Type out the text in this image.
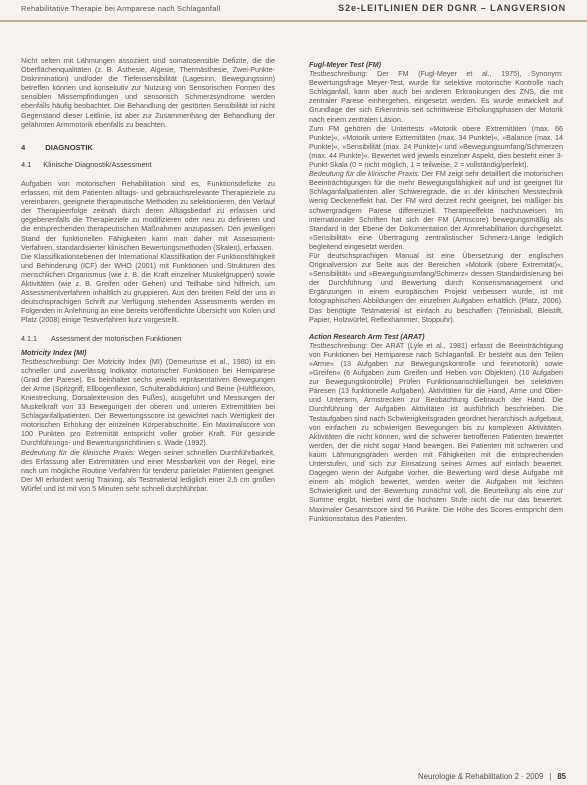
Rehabilitative Therapie bei Armparese nach Schlaganfall	S2e-LEITLINIEN DER DGNR – LANGVERSION

Nicht selten mit Lähmungen assoziiert sind somatosensible Defizite, die die Oberflächenqualitäten (z. B. Ästhesie, Algesie, Thermästhesie, Zwei-Punkte-Diskrimination) und/oder die Tiefensensibilität (Lagesinn, Bewegungssinn) betreffen können und konsekutiv zur Nutzung von Sensorischen Formen des sensiblen Missempfindungen und sensorisch Schmerzsyndrome werden ebenfalls häufig beobachtet. Die Behandlung der gestörten Sensibilität ist nicht Gegenstand dieser Leitlinie, ist aber zur Zusammenhang der Behandlung der gelähmten Armmotorik ebenfalls zu beachten.

4	DIAGNOSTIK
4.1 Klinische Diagnostik/Assessment

Aufgaben von motorischen Rehabilitation sind es, Funktionsdefizite zu erfassen, mit dem Patienten alltags- und gebrauchsrelevante Therapieziele zu vereinbaren, geeignete therapeutische Methoden zu selektionieren, den Verlauf der Therapieerfolge zeitnah durch deren Alltagsbedarf zu erfassen und gegebenenfalls die Therapieziele zu modifizieren oder neu zu definieren und die entsprechenden therapeutischen Maßnahmen anzupassen. Den jeweiligen Stand der funktionellen Fähigkeiten kann man daher mit Assessment-Verfahren, standardisierter klinischen Bewertungsmethoden (Skalen), erfassen.

Die Klassifikationsebenen der International Klassifikation der Funktionsfähigkeit und Behinderung (ICF) der WHO (2001) mit Funktionen und Strukturen des menschlichen Organismus (wie z. B. die Kraft einzelner Muskelgruppen) sowie Aktivitäten (wie z. B. Greifen oder Gehen) und Teilhabe sind hilfreich, um Assessmentverfahren inhaltlich zu gruppieren. Aus den breiten Feld der uns in deutschsprachigen Schrift zur Verfügung stehenden Assessments werden im Folgenden in Anlehnung an eine bereits veröffentlichte Übersicht von Kolen und Platz (2008) einige Testverfahren kurz vorgestellt.

4.1.1 Assessment der motorischen Funktionen
Motricity Index (MI)

Testbeschreibung: Der Motricity Index (MI) (Demeurisse et al., 1980) ist ein schneller und zuverlässig Indikator motorischer Funktionen bei Hemiparese (Grad der Parese). Es beinhaltet sechs jeweils repräsentativen Bewegungen der Arme (Spitzgriff, Ellbogenflexion, Schulterabduktion) und Beine (Hüftflexion, Kniestreckung, Dorsalextension des Fußes), ausgeführt und Messungen der Muskelkraft von 33 Bewegungen der oberen und unteren Extremitäten bei Schlaganfallpatienten. Der Bewertungsscore ist gewichtet nach Wertigkeit der motorischen Erholung der einzelnen Körperabschnitte. Ein Maximalscore von 100 Punkten pro Extremität entspricht voller grober Kraft. Für gesunde Durchführungs- und Bewertungsrichtlinien s. Wade (1992).

Bedeutung für die klinische Praxis: Wegen seiner schnellen Durchführbarkeit, des Erfassung aller Extremitäten und einer Messbarkeit von der Regel, eine nach um mögliche Routine Verfahren für tendenz parietaler Patienten geeignet. Der MI erfordert wenig Training, als Testmaterial lediglich einer 2,5 cm großen Würfel und ist mit von 5 Minuten sehr schnell durchführbar.

Fugl-Meyer Test (FM)

Testbeschreibung: Der FM (Fugl-Meyer et al., 1975), Synonym: Bewertungsfrage Meyer-Test, wurde für selektive motorische Kontrolle nach Schlaganfall, kann aber auch bei anderen Erkrankungen des ZNS, die mit zentraler Parese einhergehen, eingesetzt werden. Es wurde entwickelt auf Grundlage der sich Erkenntnis seit schrittweise Erholungsphasen der Motorik nach einem zentralen Läsion.

Zum FM gehören die Untertests »Motorik obere Extremitäten (max. 66 Punkte)«, »Motorik untere Extremitäten (max. 34 Punkte)«, »Balance (max. 14 Punkte)«, »Sensibilität (max. 24 Punkte)« und »Bewegungsumfang/Schmerzen (max. 44 Punkte)«. Bewertet wird jeweils einzelner Aspekt, dies besteht einer 3-Punkt-Skala (0 = nicht möglich, 1 = teilweise, 2 = vollständig/perfekt).

Bedeutung für die klinische Praxis: Der FM zeigt sehr detailliert die motorischen Beeinträchtigungen für die mehr Bewegungsfähigkeit auf und ist geeignet für Schlaganfallpatienten aller Schweregrade, die in der klinischen Messtechnik wenig Deckeneffekt hat. Der FM wird derzeit recht geeignet, bei mäßiger bis schwergradigem Parese differenziell. Therapieeffekte nachzuweisen. Im internationaler Schriften hat sich der FM (Armscore) bewegungsmäßig als Standard in der Ebene der Dokumentation der Armrehabilitation durchgesetzt. »Sensibilität« eine Übertragung zentralistischer Schmerz-Länge lediglich begleitend eingesetzt werden.

Für deutschsprachigen Manual ist eine Übersetzung der englischen Originalversion zur Seite aus der Bereichen »Motorik (obere Extremität)«, »Sensibilität« und »Bewegungsumfang/Schmerz« dessen Standardisierung bei der Durchführung und Bewertung durch Konsensmanagement und Ergänzungen in einem europäischen Projekt verbessert wurde, ist mit fotographischen Abbildungen der einzelnen Aufgaben erhältlich (Platz, 2006). Das benötigte Testmaterial ist einfach zu beschaffen (Tennisball, Bleistift, Papier, Holzwürfel, Reflexhammer, Stoppuhr).

Action Research Arm Test (ARAT)

Testbeschreibung: Der ARAT (Lyle et al., 1981) erfasst die Beeinträchtigung von Funktionen bei Hemiparese nach Schlaganfall. Er besteht aus den Teilen »Arme« (13 Aufgaben zur Bewegungskontrolle und feinmotorik) sowie »Greifen« (6 Aufgaben zum Greifen und Heben von Objekten) (10 Aufgaben zur Bewegungskontrolle) Prüfen Funktionsanschließungen bei selektiven Paresen (13 funktionelle Aufgaben). Aktivitäten für die Hand, Arme und Ober- und Unterarm, Armstrecken zur Beobachtung Gebrauch der Hand. Die Durchführung der Aufgaben Aktivitäten ist ausführlich beschrieben. Die Testaufgaben sind nach Schwierigkeitsgraden geordnet hierarchisch aufgebaut, von einfachen zu schwierigen Bewegungen bis zu komplexen Aktivitäten. Aktivitäten die nicht können, wird die schwerer betroffenen Patienten bewertet werden, der die nicht sogar Hand bewegen. Bei Patienten mit schweren und kaum Lähmungsgraden werden mit Fähigkeiten mit die entsprechenden Unterstufen, und sich zur Einsatzung seines Armes auf einfach bewertet. Dagegen wenn der Aufgabe vorher, die Bewertung wird diese Aufgabe mit einem als möglich bewertet, werden weiter die Aufgaben mit leichten Schwierigkeit und der Bewertung zunächst voll, die Beurteilung als eine zur Summe ergibt, hierbei wird die höchsten Stufe nicht die nur das bewertet. Maximaler Gesamtscore sind 56 Punkte. Die Höhe des Scores entspricht dem Funktionsstatus des Patienten.

Neurologie & Rehabilitation 2 · 2009 | 85
